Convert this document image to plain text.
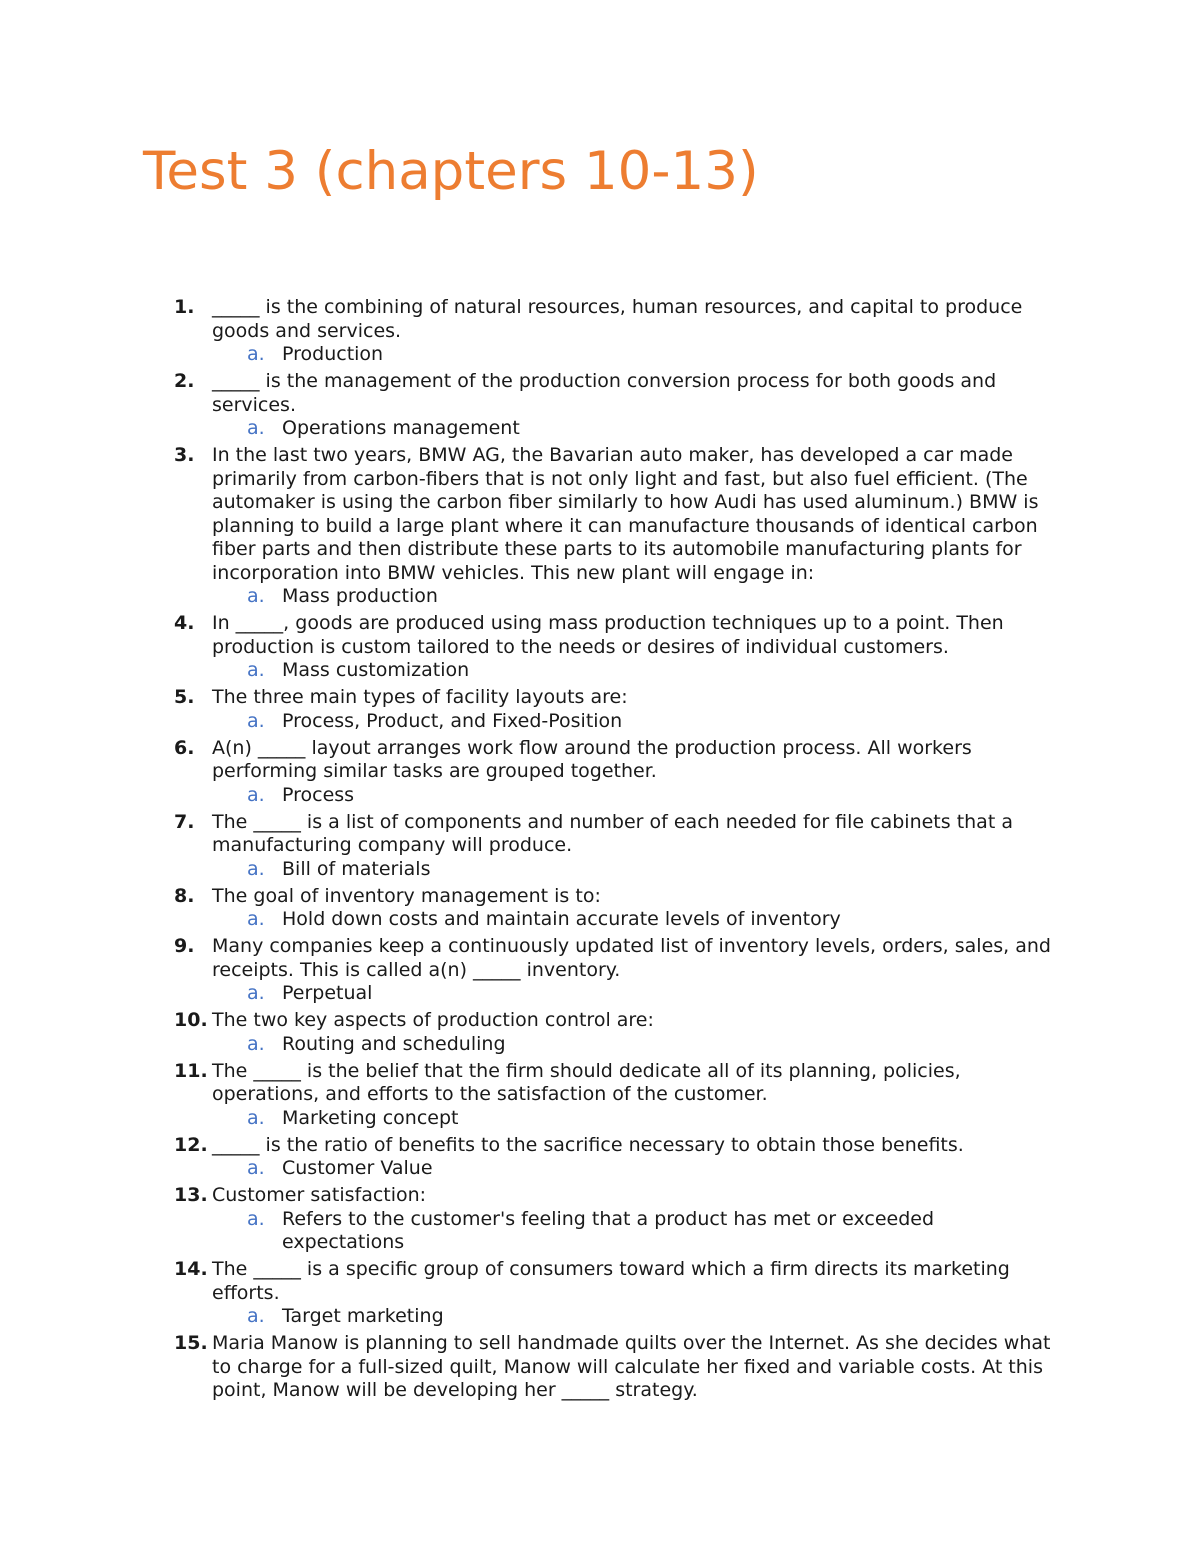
Test 3 (chapters 10-13)
1. _____ is the combining of natural resources, human resources, and capital to produce goods and services.
a. Production
2. _____ is the management of the production conversion process for both goods and services.
a. Operations management
3. In the last two years, BMW AG, the Bavarian auto maker, has developed a car made primarily from carbon-fibers that is not only light and fast, but also fuel efficient. (The automaker is using the carbon fiber similarly to how Audi has used aluminum.) BMW is planning to build a large plant where it can manufacture thousands of identical carbon fiber parts and then distribute these parts to its automobile manufacturing plants for incorporation into BMW vehicles. This new plant will engage in:
a. Mass production
4. In _____, goods are produced using mass production techniques up to a point. Then production is custom tailored to the needs or desires of individual customers.
a. Mass customization
5. The three main types of facility layouts are:
a. Process, Product, and Fixed-Position
6. A(n) _____ layout arranges work flow around the production process. All workers performing similar tasks are grouped together.
a. Process
7. The _____ is a list of components and number of each needed for file cabinets that a manufacturing company will produce.
a. Bill of materials
8. The goal of inventory management is to:
a. Hold down costs and maintain accurate levels of inventory
9. Many companies keep a continuously updated list of inventory levels, orders, sales, and receipts. This is called a(n) _____ inventory.
a. Perpetual
10. The two key aspects of production control are:
a. Routing and scheduling
11. The _____ is the belief that the firm should dedicate all of its planning, policies, operations, and efforts to the satisfaction of the customer.
a. Marketing concept
12. _____ is the ratio of benefits to the sacrifice necessary to obtain those benefits.
a. Customer Value
13. Customer satisfaction:
a. Refers to the customer's feeling that a product has met or exceeded expectations
14. The _____ is a specific group of consumers toward which a firm directs its marketing efforts.
a. Target marketing
15. Maria Manow is planning to sell handmade quilts over the Internet. As she decides what to charge for a full-sized quilt, Manow will calculate her fixed and variable costs. At this point, Manow will be developing her _____ strategy.
